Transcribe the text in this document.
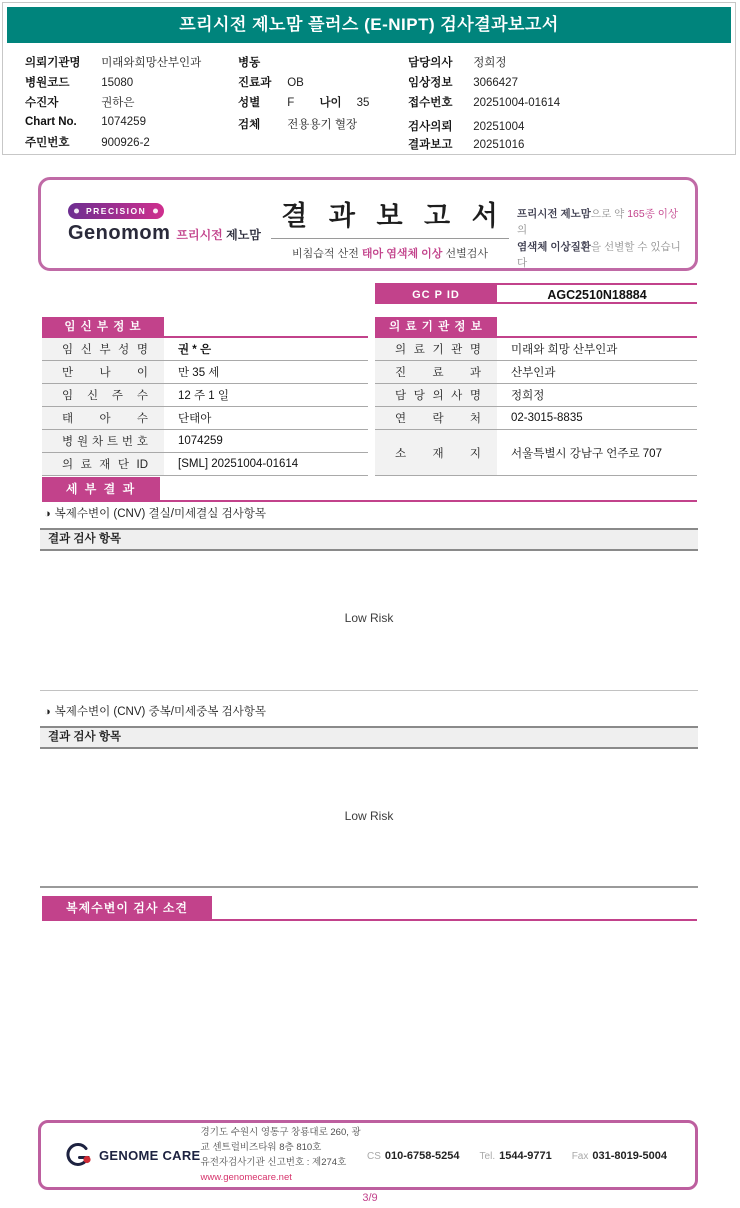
프리시전 제노맘 플러스 (E-NIPT) 검사결과보고서
의뢰기관명 미래와희망산부인과
병원코드	15080
수진자	권하은
Chart No. 1074259
주민번호	900926-2
병동
진료과 OB
성별 F 나이 35
검체 전용용기 혈장
담당의사 정희정
임상정보 3066427
접수번호 20251004-01614
검사의뢰 20251004
결과보고 20251016
PRECISION
Genomom 프리시전 제노맘
결 과 보 고 서
비침습적 산전 태아 염색체 이상 선별검사
프리시전 제노맘으로 약 165종 이상의
염색체 이상질환을 선별할 수 있습니다
GC P ID	AGC2510N18884
임 신 부 정 보
임 신 부 성 명	권 * 은
만 나 이	만 35 세
임 신 주 수	12 주 1 일
태 아 수	단태아
병 원 차 트 번 호	1074259
의 료 재 단 ID	[SML] 20251004-01614
의 료 기 관 정 보
의 료 기 관 명	미래와 희망 산부인과
진 료 과	산부인과
담 당 의 사 명	정희정
연 락 처	02-3015-8835
소 재 지	서울특별시 강남구 언주로 707
세 부 결 과
◑ 복제수변이 (CNV) 결실/미세결실 검사항목
결과 검사 항목
Low Risk
◑ 복제수변이 (CNV) 중복/미세중복 검사항목
결과 검사 항목
Low Risk
복제수변이 검사 소견
GENOME CARE
경기도 수원시 영통구 창룡대로 260, 광교 센트럴비즈타워 8층 810호
유전자검사기관 신고번호 : 제274호
www.genomecare.net
CS 010-6758-5254 Tel. 1544-9771 Fax 031-8019-5004
3/9
